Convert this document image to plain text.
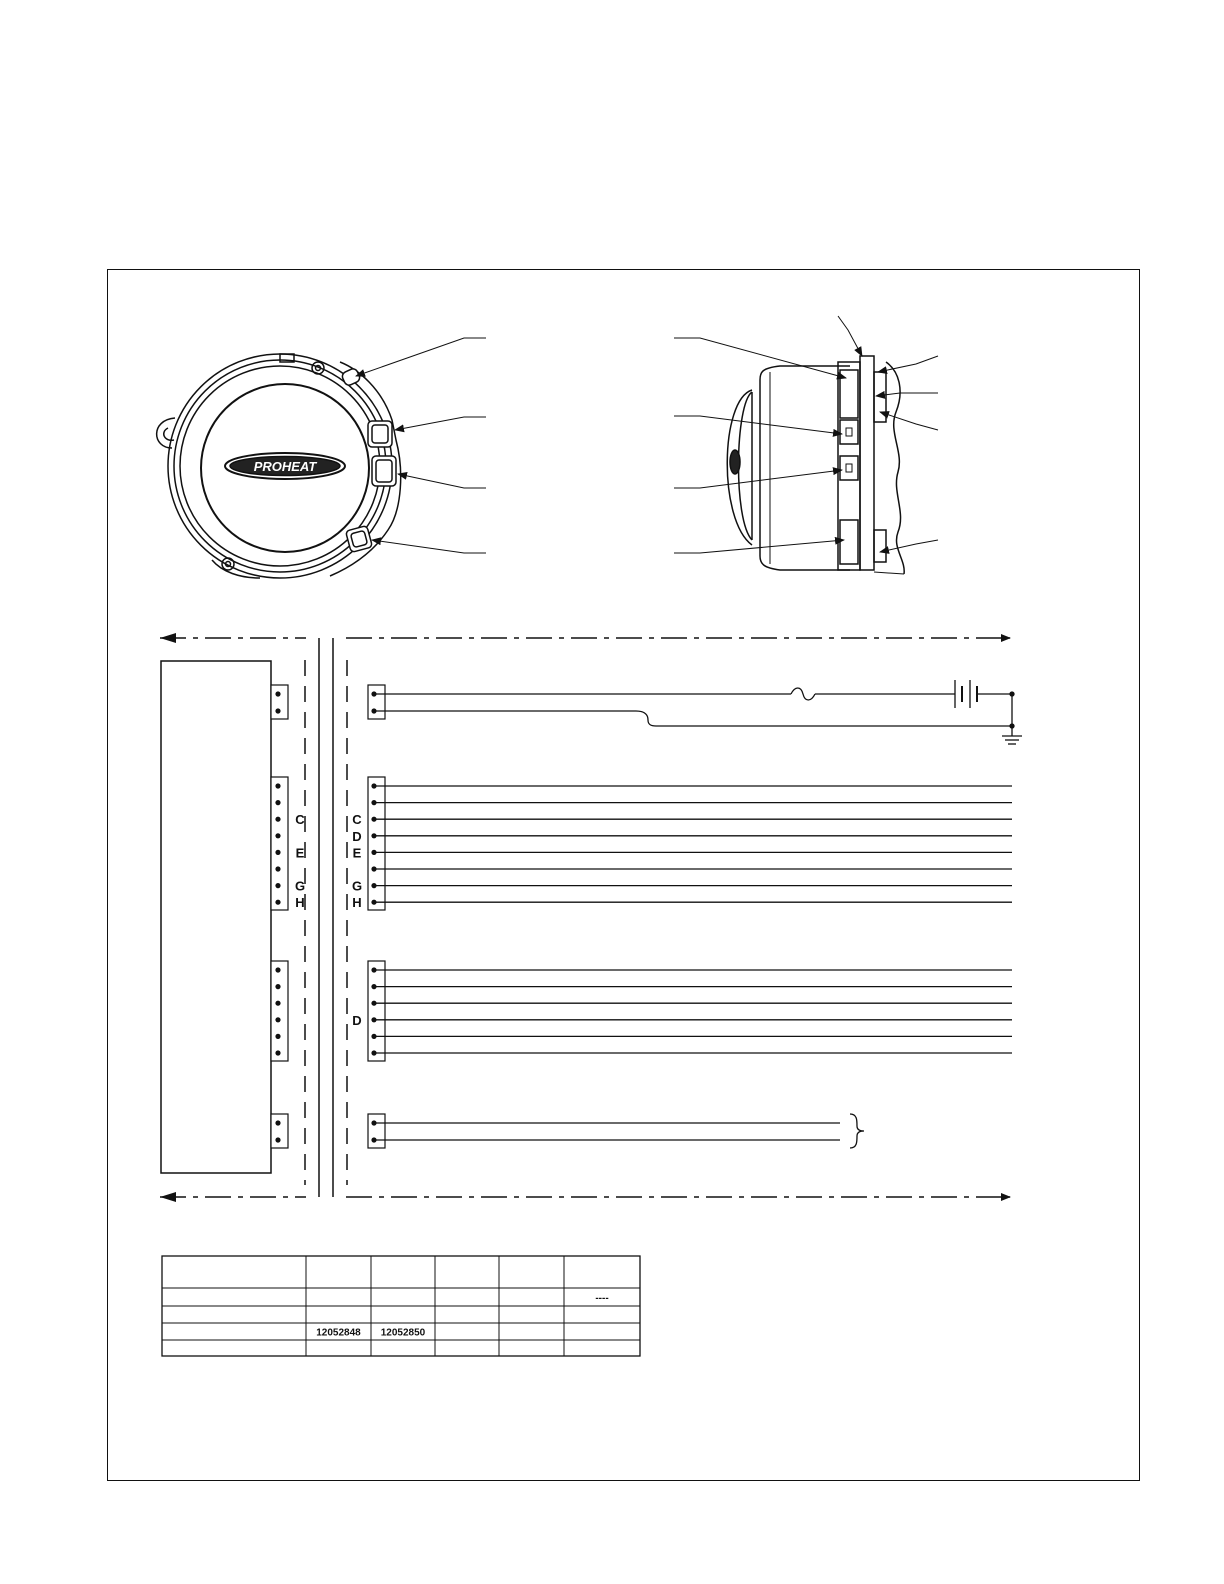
PROHEAT
C
E
G
H
C
D
E
G
H
D
----
12052848 12052850
